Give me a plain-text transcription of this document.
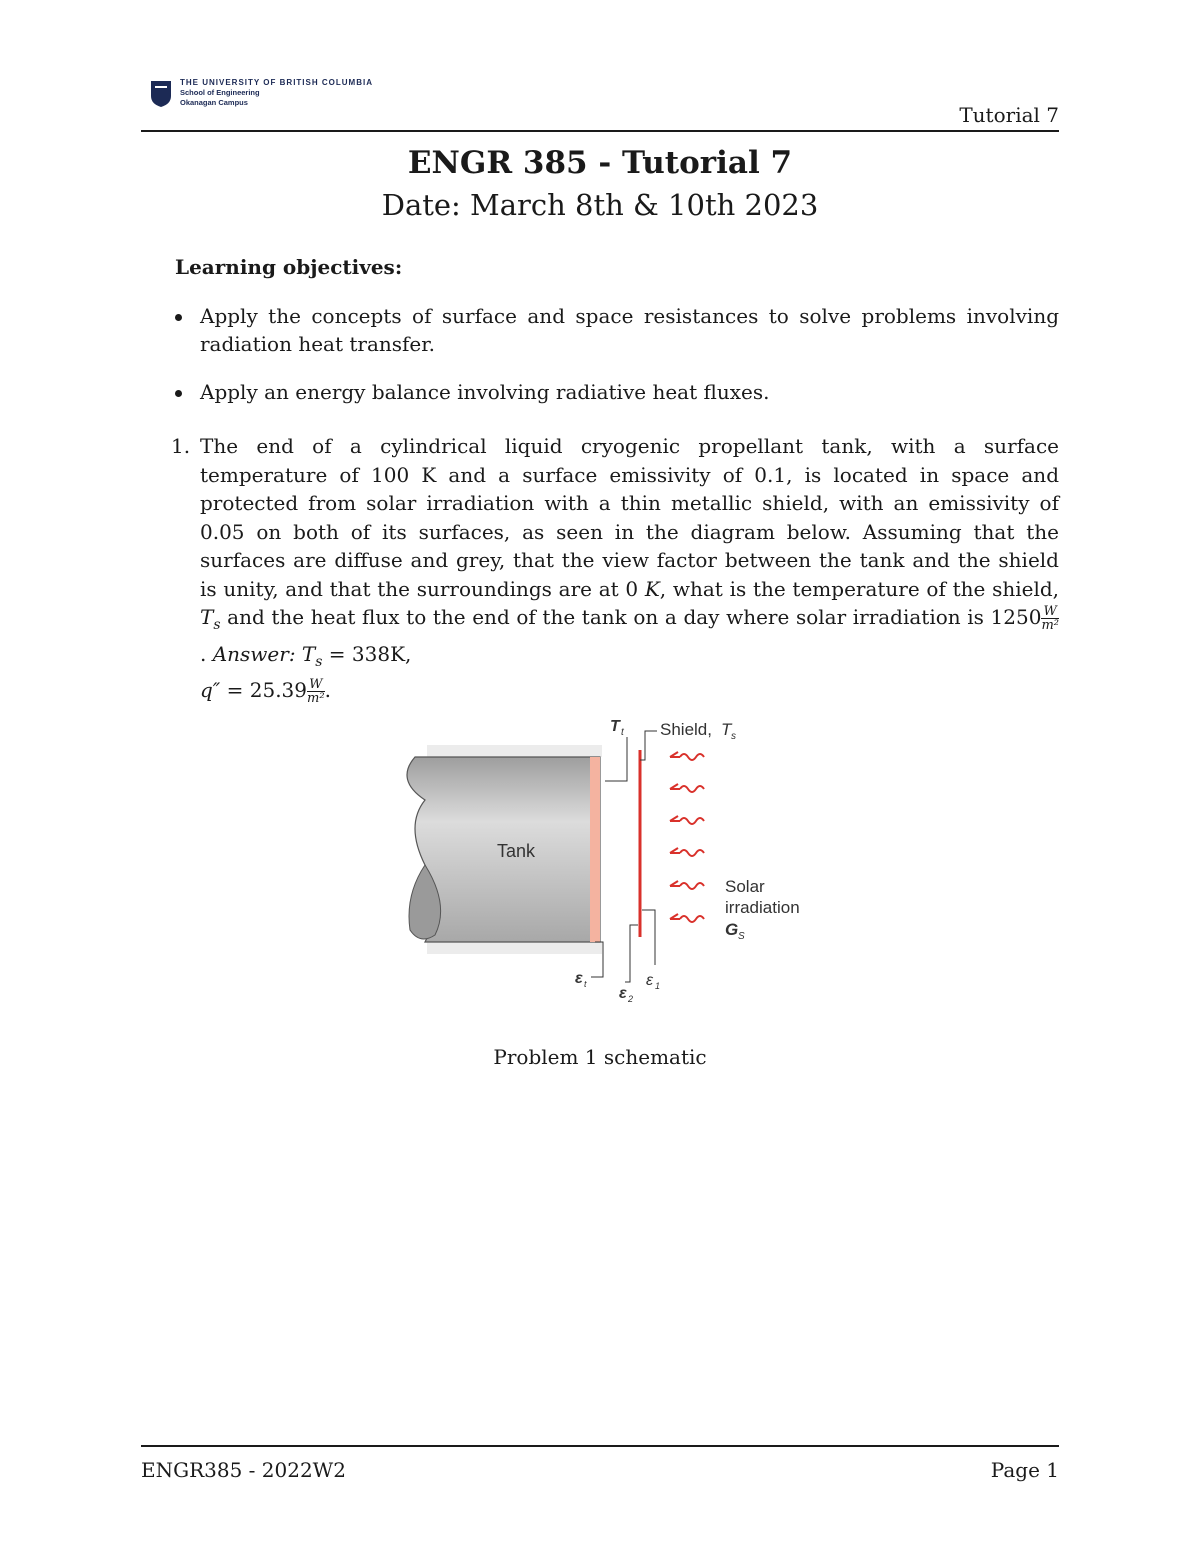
THE UNIVERSITY OF BRITISH COLUMBIA
School of Engineering
Okanagan Campus
Tutorial 7
ENGR 385 - Tutorial 7
Date: March 8th & 10th 2023
Learning objectives:
Apply the concepts of surface and space resistances to solve problems involving radiation heat transfer.
Apply an energy balance involving radiative heat fluxes.
1. The end of a cylindrical liquid cryogenic propellant tank, with a surface temperature of 100 K and a surface emissivity of 0.1, is located in space and protected from solar irradiation with a thin metallic shield, with an emissivity of 0.05 on both of its surfaces, as seen in the diagram below. Assuming that the surfaces are diffuse and grey, that the view factor between the tank and the shield is unity, and that the surroundings are at 0 K, what is the temperature of the shield, $T_s$ and the heat flux to the end of the tank on a day where solar irradiation is $1250 \frac{W}{\text{m²}}$
. Answer: $T_s = 338K$,
$q'' = 25.39 \frac{W}{\text{m²}}$ .
Tank
T t Shield, T s
Solar
irradiation
G S
ε t
ε 2
ε 1
Problem 1 schematic
ENGR385 - 2022W2	Page 1
